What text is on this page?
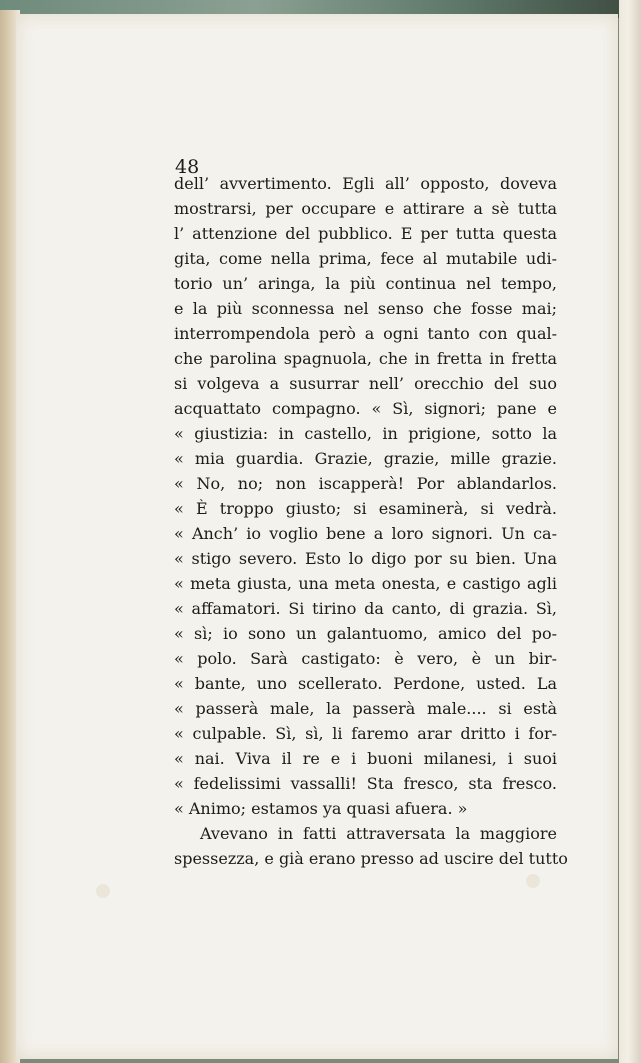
48
dell’ avvertimento. Egli all’ opposto, doveva
mostrarsi, per occupare e attirare a sè tutta
l’ attenzione del pubblico. E per tutta questa
gita, come nella prima, fece al mutabile udi-
torio un’ aringa, la più continua nel tempo,
e la più sconnessa nel senso che fosse mai;
interrompendola però a ogni tanto con qual-
che parolina spagnuola, che in fretta in fretta
si volgeva a susurrar nell’ orecchio del suo
acquattato compagno. « Sì, signori; pane e
« giustizia: in castello, in prigione, sotto la
« mia guardia. Grazie, grazie, mille grazie.
« No, no; non iscapperà! Por ablandarlos.
« È troppo giusto; si esaminerà, si vedrà.
« Anch’ io voglio bene a loro signori. Un ca-
« stigo severo. Esto lo digo por su bien. Una
« meta giusta, una meta onesta, e castigo agli
« affamatori. Si tirino da canto, di grazia. Sì,
« sì; io sono un galantuomo, amico del po-
« polo. Sarà castigato: è vero, è un bir-
« bante, uno scellerato. Perdone, usted. La
« passerà male, la passerà male.... si està
« culpable. Sì, sì, li faremo arar dritto i for-
« nai. Viva il re e i buoni milanesi, i suoi
« fedelissimi vassalli! Sta fresco, sta fresco.
« Animo; estamos ya quasi afuera. »
Avevano in fatti attraversata la maggiore
spessezza, e già erano presso ad uscire del tutto
